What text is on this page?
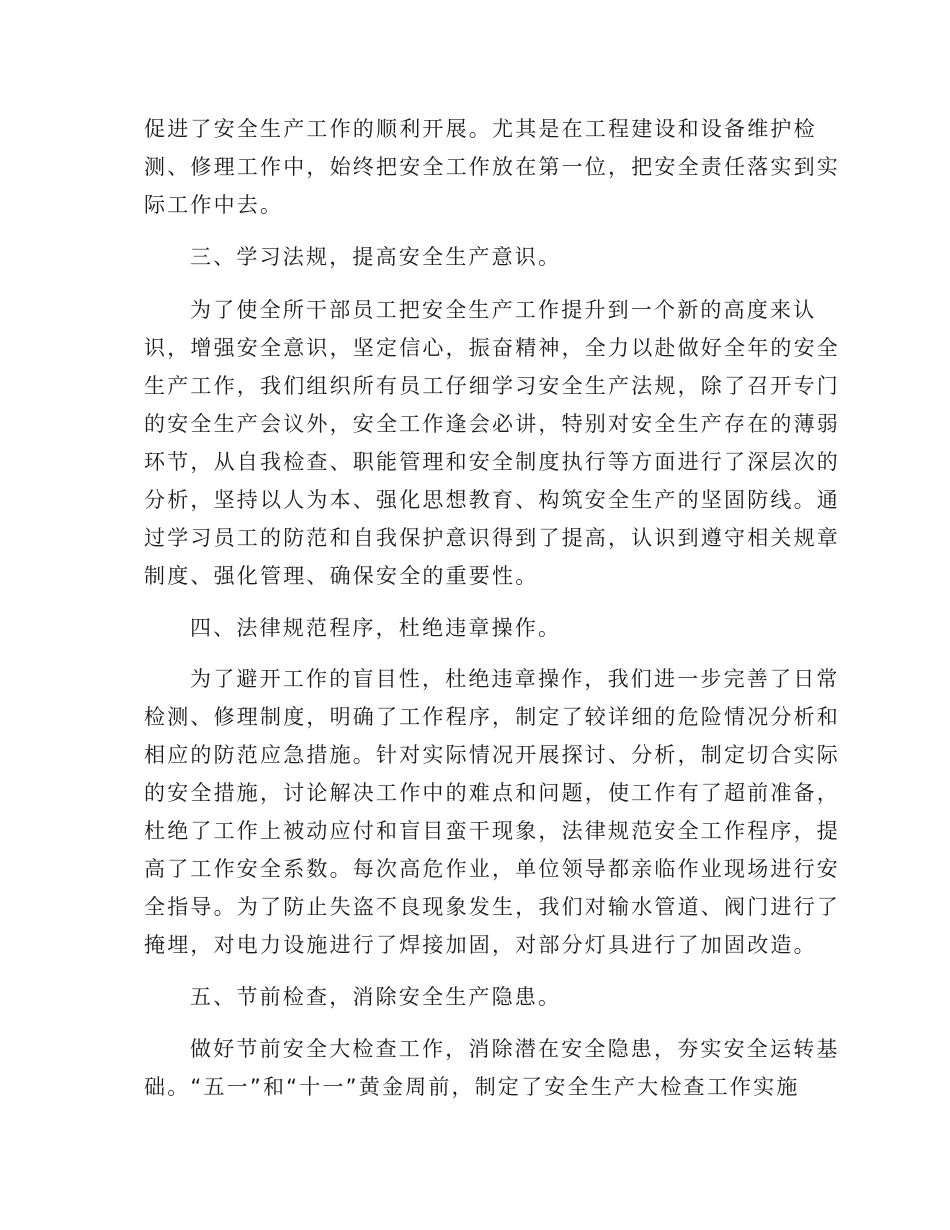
促进了安全生产工作的顺利开展。尤其是在工程建设和设备维护检
测、修理工作中，始终把安全工作放在第一位，把安全责任落实到实
际工作中去。
三、学习法规，提高安全生产意识。
为了使全所干部员工把安全生产工作提升到一个新的高度来认
识，增强安全意识，坚定信心，振奋精神，全力以赴做好全年的安全
生产工作，我们组织所有员工仔细学习安全生产法规，除了召开专门
的安全生产会议外，安全工作逢会必讲，特别对安全生产存在的薄弱
环节，从自我检查、职能管理和安全制度执行等方面进行了深层次的
分析，坚持以人为本、强化思想教育、构筑安全生产的坚固防线。通
过学习员工的防范和自我保护意识得到了提高，认识到遵守相关规章
制度、强化管理、确保安全的重要性。
四、法律规范程序，杜绝违章操作。
为了避开工作的盲目性，杜绝违章操作，我们进一步完善了日常
检测、修理制度，明确了工作程序，制定了较详细的危险情况分析和
相应的防范应急措施。针对实际情况开展探讨、分析，制定切合实际
的安全措施，讨论解决工作中的难点和问题，使工作有了超前准备，
杜绝了工作上被动应付和盲目蛮干现象，法律规范安全工作程序，提
高了工作安全系数。每次高危作业，单位领导都亲临作业现场进行安
全指导。为了防止失盗不良现象发生，我们对输水管道、阀门进行了
掩埋，对电力设施进行了焊接加固，对部分灯具进行了加固改造。
五、节前检查，消除安全生产隐患。
做好节前安全大检查工作，消除潜在安全隐患，夯实安全运转基
础。“五一”和“十一”黄金周前，制定了安全生产大检查工作实施
